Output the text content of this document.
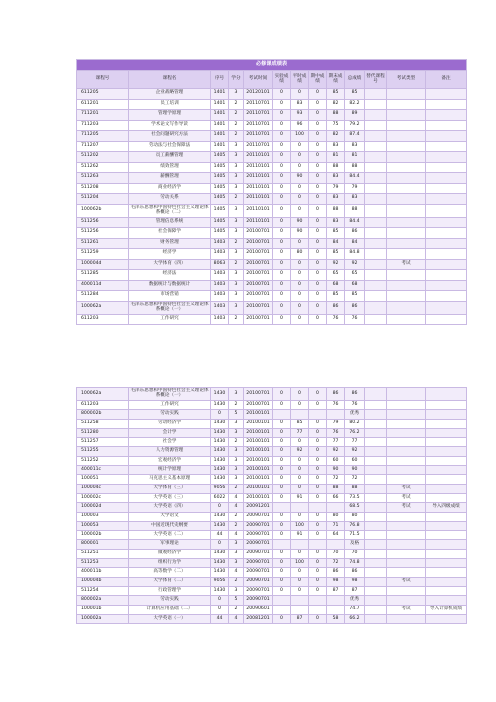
必修课成绩表												
课程号	课程名	序号	学分	考试时间	实验成绩	平时成绩	期中成绩	期末成绩	总成绩	替代课程号	考试类型	备注
611205	企业战略管理	1401	3	20120101	0	0	0	85	85			
611201	员工培训	1401	2	20110701	0	83	0	82	82.2			
711201	管理学原理	1401	2	20110701	0	93	0	88	89			
711203	学术论文写作导读	1401	2	20110701	0	96	0	75	79.2			
711205	社会问题研究方法	1401	2	20110701	0	100	0	82	87.4			
711207	劳动法与社会保障法	1401	3	20110701	0	0	0	83	83			
511202	员工薪酬管理	1405	3	20110101	0	0	0	81	81			
511262	绩效管理	1405	3	20110101	0	0	0	88	88			
511263	薪酬管理	1405	3	20110101	0	90	0	83	84.4			
511208	商业经济学	1405	3	20110101	0	0	0	79	79			
511204	劳动关系	1405	2	20110101	0	0	0	83	83			
100062b	毛泽东思想和中国特色社会主义理论体系概论（二）	1405	3	20110101	0	0	0	88	88			
511256	管理信息系统	1405	3	20110101	0	90	0	83	84.4			
511256	社会保障学	1405	3	20100701	0	90	0	85	86			
511261	财务管理	1403	2	20100701	0	0	0	84	84			
511259	经济学	1403	3	20100701	0	80	0	85	84.8			
100004d	大学体育（四）	8063	2	20100701	0	0	0	92	92		考试	
511285	经济法	1403	3	20100701	0	0	0	65	65			
400011d	数据统计与数据统计	1403	3	20100701	0	0	0	68	68			
511284	市场营销	1403	3	20100701	0	0	0	85	85			
100062a	毛泽东思想和中国特色社会主义理论体系概论（一）	1403	3	20100701	0	0	0	86	86			
611203	工作研究	1403	2	20100701	0	0	0	76	76			
100062a	毛泽东思想和中国特色社会主义理论体系概论（一）	1430	3	20100701	0	0	0	86	86			
611203	工作研究	1430	2	20100701	0	0	0	76	76			
800002b	劳动实践	0	5	20100101					优秀			
511258	劳动经济学	1430	3	20100101	0	85	0	79	80.2			
511280	会计学	1430	3	20100101	0	77	0	76	76.2			
511257	社会学	1430	2	20100101	0	0	0	77	77			
511255	人力资源管理	1430	3	20100101	0	92	0	92	92			
511252	宏观经济学	1430	3	20100101	0	0	0	60	60			
400011c	统计学原理	1430	3	20100101	0	0	0	90	90			
100051	马克思主义基本原理	1430	3	20100101	0	0	0	72	72			
100004c	大学体育（三）	9056	2	20100101	0	0	0	88	88		考试	
100002c	大学英语（三）	6022	4	20100101	0	91	0	66	73.5		考试	
100002d	大学英语（四）	0	4	20091201					68.5		考试	导入四级成绩
100003	大学语文	1430	2	20090701	0	0	0	80	80			
100053	中国近现代史纲要	1430	2	20090701	0	100	0	71	76.8			
100002b	大学英语（二）	44	4	20090701	0	91	0	64	71.5			
800001	军事理论	0	3	20090701					及格			
511251	微观经济学	1430	3	20090701	0	0	0	70	70			
511253	组织行为学	1430	3	20090701	0	100	0	72	74.8			
400011b	高等数学（二）	1430	4	20090701	0	0	0	86	86			
100004b	大学体育（二）	9056	2	20090701	0	0	0	98	98		考试	
511254	行政管理学	1430	3	20090701	0	0	0	87	87			
800002a	劳动实践	0	5	20090701					优秀			
100001b	计算机应用基础（二）	0	2	20090601					74.7		考试	导入计算机成绩
100002a	大学英语（一）	44	4	20081201	0	87	0	58	66.2			
